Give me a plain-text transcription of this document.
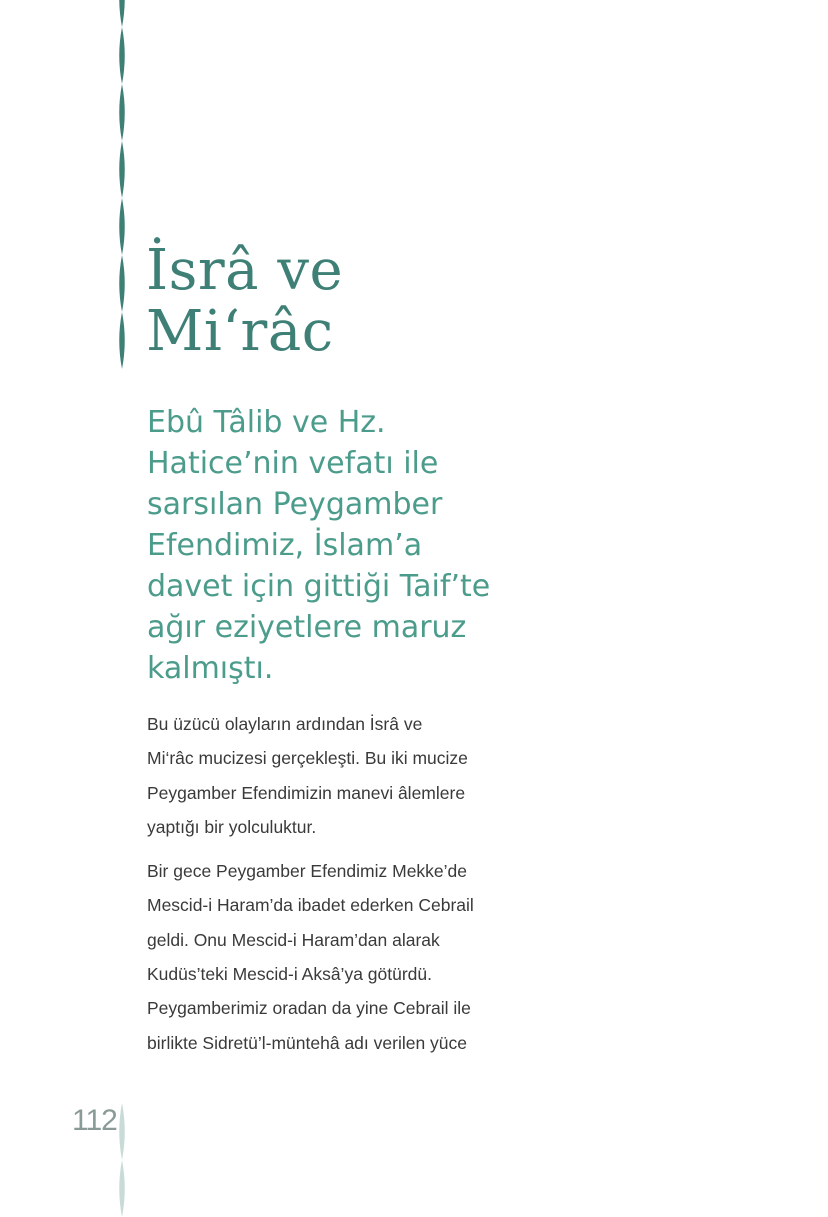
İsrâ ve
Mi‘râc

Ebû Tâlib ve Hz.
Hatice’nin vefatı ile
sarsılan Peygamber
Efendimiz, İslam’a
davet için gittiği Taif’te
ağır eziyetlere maruz
kalmıştı.

Bu üzücü olayların ardından İsrâ ve
Mi‘râc mucizesi gerçekleşti. Bu iki mucize
Peygamber Efendimizin manevi âlemlere
yaptığı bir yolculuktur.

Bir gece Peygamber Efendimiz Mekke’de
Mescid-i Haram’da ibadet ederken Cebrail
geldi. Onu Mescid-i Haram’dan alarak
Kudüs’teki Mescid-i Aksâ’ya götürdü.
Peygamberimiz oradan da yine Cebrail ile
birlikte Sidretü’l-müntehâ adı verilen yüce

112
